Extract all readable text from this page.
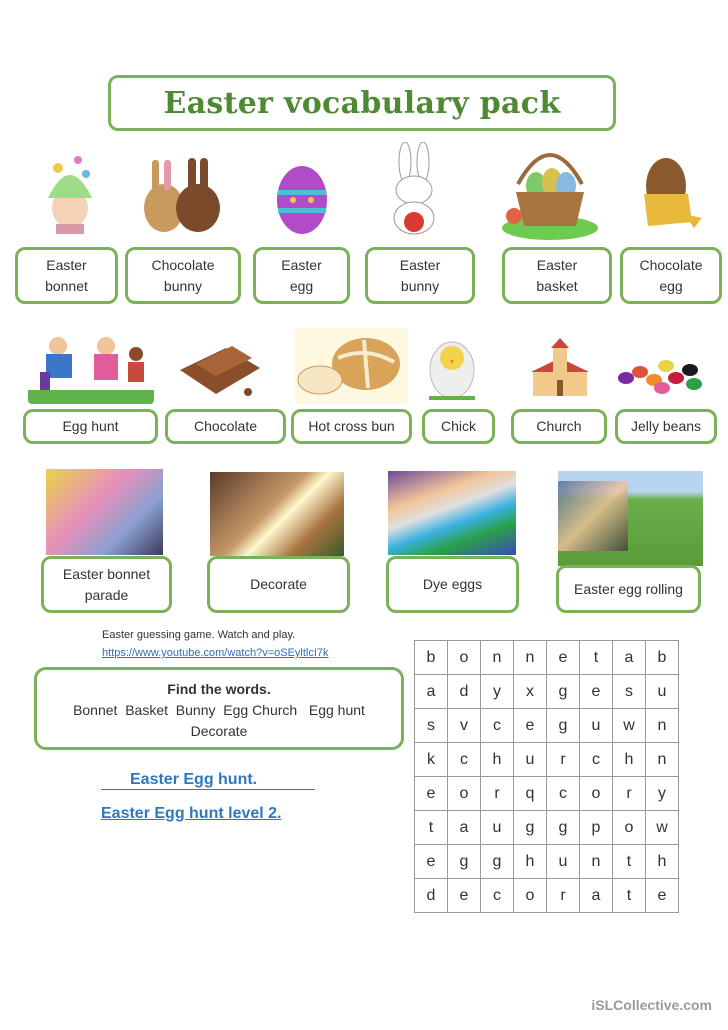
Easter vocabulary pack
Easter
bonnet
Chocolate
bunny
Easter
egg
Easter
bunny
Easter
basket
Chocolate
egg
Egg hunt	Chocolate	Hot cross bun	Chick	Church	Jelly beans
Easter bonnet
parade
Decorate	Dye eggs	Easter egg rolling
Easter guessing game. Watch and play.
https://www.youtube.com/watch?v=oSEyltlcI7k
Find the words.
Bonnet  Basket  Bunny  Egg Church   Egg hunt
Decorate
Easter Egg hunt.
Easter Egg hunt level 2.
b	o	n	n	e	t	a	b
a	d	y	x	g	e	s	u
s	v	c	e	g	u	w	n
k	c	h	u	r	c	h	n
e	o	r	q	c	o	r	y
t	a	u	g	g	p	o	w
e	g	g	h	u	n	t	h
d	e	c	o	r	a	t	e
iSLCollective.com
